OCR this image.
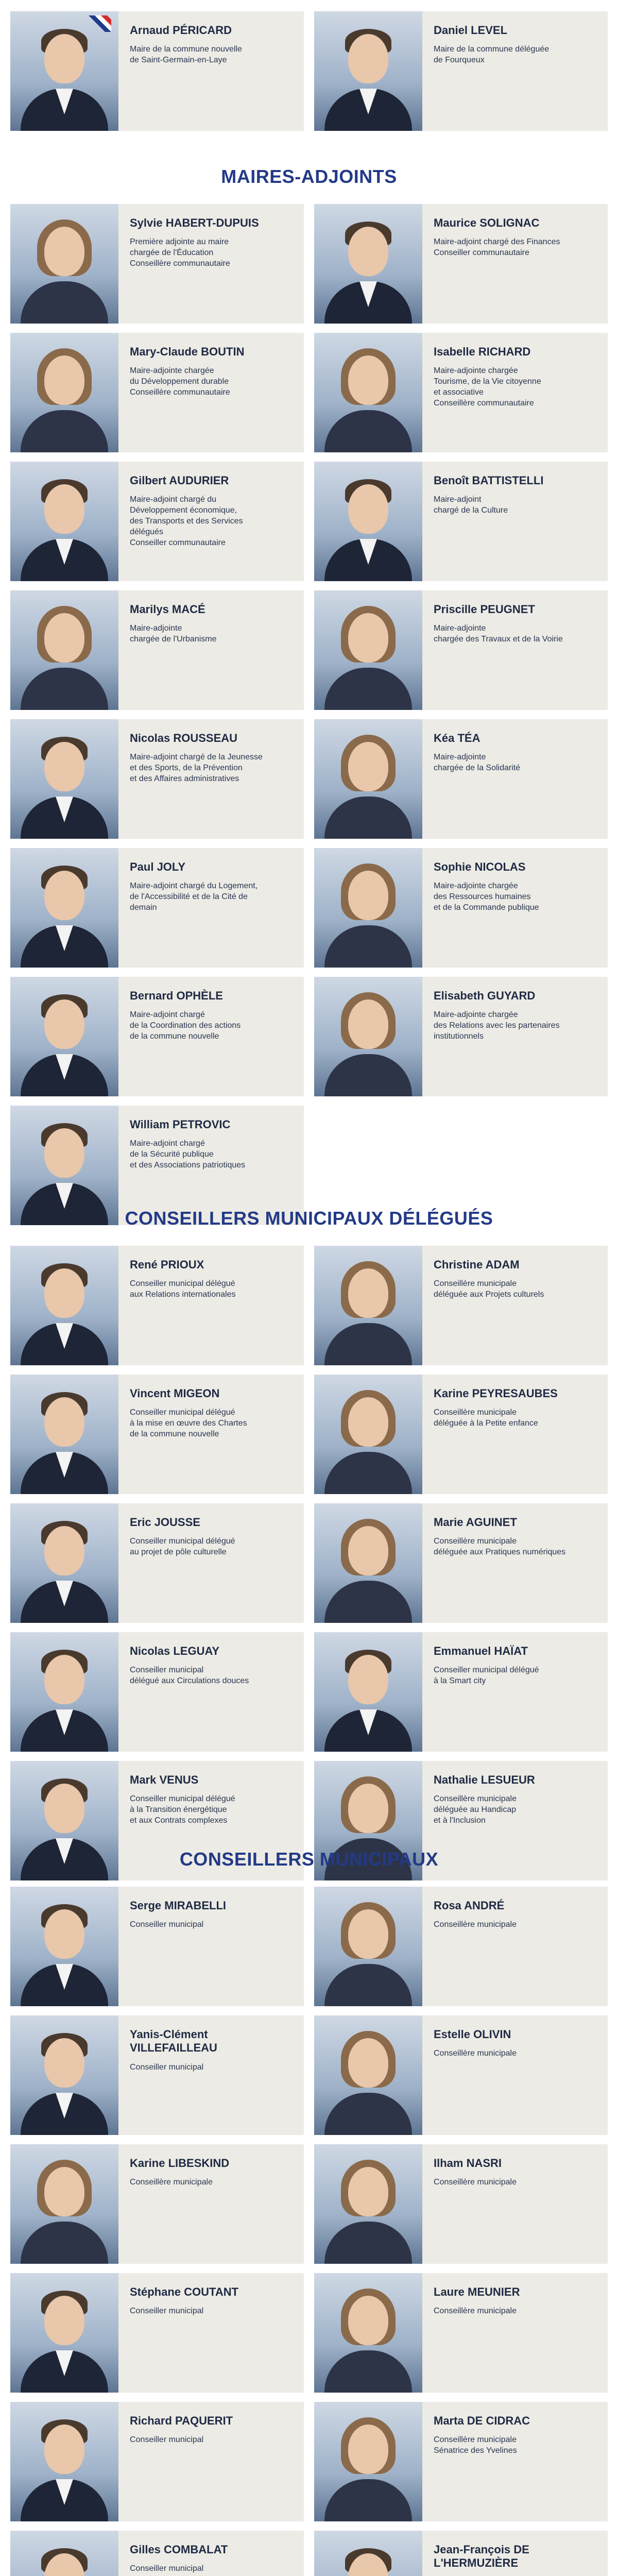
Arnaud PÉRICARD
Maire de la commune nouvelle
de Saint-Germain-en-Laye
Daniel LEVEL
Maire de la commune déléguée
de Fourqueux
MAIRES-ADJOINTS
Sylvie HABERT-DUPUIS
Première adjointe au maire
chargée de l'Éducation
Conseillère communautaire
Maurice SOLIGNAC
Maire-adjoint chargé des Finances
Conseiller communautaire
Mary-Claude BOUTIN
Maire-adjointe chargée
du Développement durable
Conseillère communautaire
Isabelle RICHARD
Maire-adjointe chargée
Tourisme, de la Vie citoyenne
et associative
Conseillère communautaire
Gilbert AUDURIER
Maire-adjoint chargé du
Développement économique,
des Transports et des Services
délégués
Conseiller communautaire
Benoît BATTISTELLI
Maire-adjoint
chargé de la Culture
Marilys MACÉ
Maire-adjointe
chargée de l'Urbanisme
Priscille PEUGNET
Maire-adjointe
chargée des Travaux et de la Voirie
Nicolas ROUSSEAU
Maire-adjoint chargé de la Jeunesse
et des Sports, de la Prévention
et des Affaires administratives
Kéa TÉA
Maire-adjointe
chargée de la Solidarité
Paul JOLY
Maire-adjoint chargé du Logement,
de l'Accessibilité et de la Cité de
demain
Sophie NICOLAS
Maire-adjointe chargée
des Ressources humaines
et de la Commande publique
Bernard OPHÈLE
Maire-adjoint chargé
de la Coordination des actions
de la commune nouvelle
Elisabeth GUYARD
Maire-adjointe chargée
des Relations avec les partenaires
institutionnels
William PETROVIC
Maire-adjoint chargé
de la Sécurité publique
et des Associations patriotiques
CONSEILLERS MUNICIPAUX DÉLÉGUÉS
René PRIOUX
Conseiller municipal délégué
aux Relations internationales
Christine ADAM
Conseillère municipale
déléguée aux Projets culturels
Vincent MIGEON
Conseiller municipal délégué
à la mise en œuvre des Chartes
de la commune nouvelle
Karine PEYRESAUBES
Conseillère municipale
déléguée à la Petite enfance
Eric JOUSSE
Conseiller municipal délégué
au projet de pôle culturelle
Marie AGUINET
Conseillère municipale
déléguée aux Pratiques numériques
Nicolas LEGUAY
Conseiller municipal
délégué aux Circulations douces
Emmanuel HAÏAT
Conseiller municipal délégué
à la Smart city
Mark VENUS
Conseiller municipal délégué
à la Transition énergétique
et aux Contrats complexes
Nathalie LESUEUR
Conseillère municipale
déléguée au Handicap
et à l'Inclusion
CONSEILLERS MUNICIPAUX
Serge MIRABELLI
Conseiller municipal
Rosa ANDRÉ
Conseillère municipale
Yanis-Clément VILLEFAILLEAU
Conseiller municipal
Estelle OLIVIN
Conseillère municipale
Karine LIBESKIND
Conseillère municipale
Ilham NASRI
Conseillère municipale
Stéphane COUTANT
Conseiller municipal
Laure MEUNIER
Conseillère municipale
Richard PAQUERIT
Conseiller municipal
Marta DE CIDRAC
Conseillère municipale
Sénatrice des Yvelines
Gilles COMBALAT
Conseiller municipal
Jean-François DE L'HERMUZIÈRE
